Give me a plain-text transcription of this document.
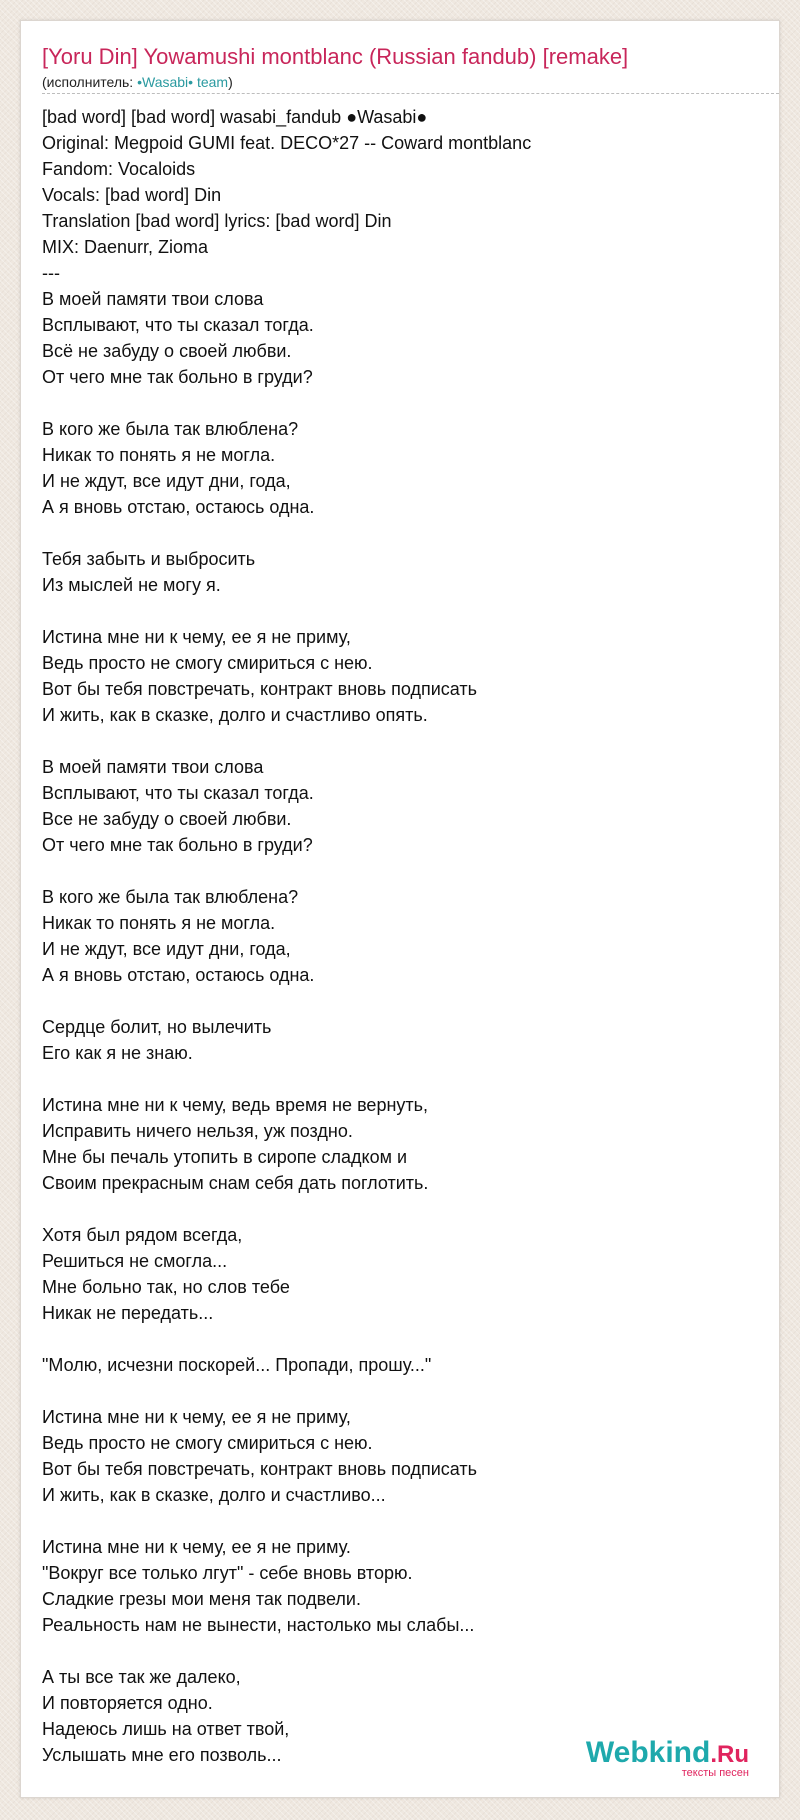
[Yoru Din] Yowamushi montblanc (Russian fandub) [remake]
(исполнитель: •Wasabi• team)
[bad word] [bad word] wasabi_fandub ●Wasabi●
Original: Megpoid GUMI feat. DECO*27 -- Coward montblanc
Fandom: Vocaloids
Vocals: [bad word] Din
Translation [bad word] lyrics: [bad word] Din
MIX: Daenurr, Zioma
---
В моей памяти твои слова
Всплывают, что ты сказал тогда.
Всё не забуду о своей любви.
От чего мне так больно в груди?
В кого же была так влюблена?
Никак то понять я не могла.
И не ждут, все идут дни, года,
А я вновь отстаю, остаюсь одна.
Тебя забыть и выбросить
Из мыслей не могу я.
Истина мне ни к чему, ее я не приму,
Ведь просто не смогу смириться с нею.
Вот бы тебя повстречать, контракт вновь подписать
И жить, как в сказке, долго и счастливо опять.
В моей памяти твои слова
Всплывают, что ты сказал тогда.
Все не забуду о своей любви.
От чего мне так больно в груди?
В кого же была так влюблена?
Никак то понять я не могла.
И не ждут, все идут дни, года,
А я вновь отстаю, остаюсь одна.
Сердце болит, но вылечить
Его как я не знаю.
Истина мне ни к чему, ведь время не вернуть,
Исправить ничего нельзя, уж поздно.
Мне бы печаль утопить в сиропе сладком и
Своим прекрасным снам себя дать поглотить.
Хотя был рядом всегда,
Решиться не смогла...
Мне больно так, но слов тебе
Никак не передать...
"Молю, исчезни поскорей... Пропади, прошу..."
Истина мне ни к чему, ее я не приму,
Ведь просто не смогу смириться с нею.
Вот бы тебя повстречать, контракт вновь подписать
И жить, как в сказке, долго и счастливо...
Истина мне ни к чему, ее я не приму.
"Вокруг все только лгут" - себе вновь вторю.
Сладкие грезы мои меня так подвели.
Реальность нам не вынести, настолько мы слабы...
А ты все так же далеко,
И повторяется одно.
Надеюсь лишь на ответ твой,
Услышать мне его позволь...	Webkind.Ru
тексты песен
